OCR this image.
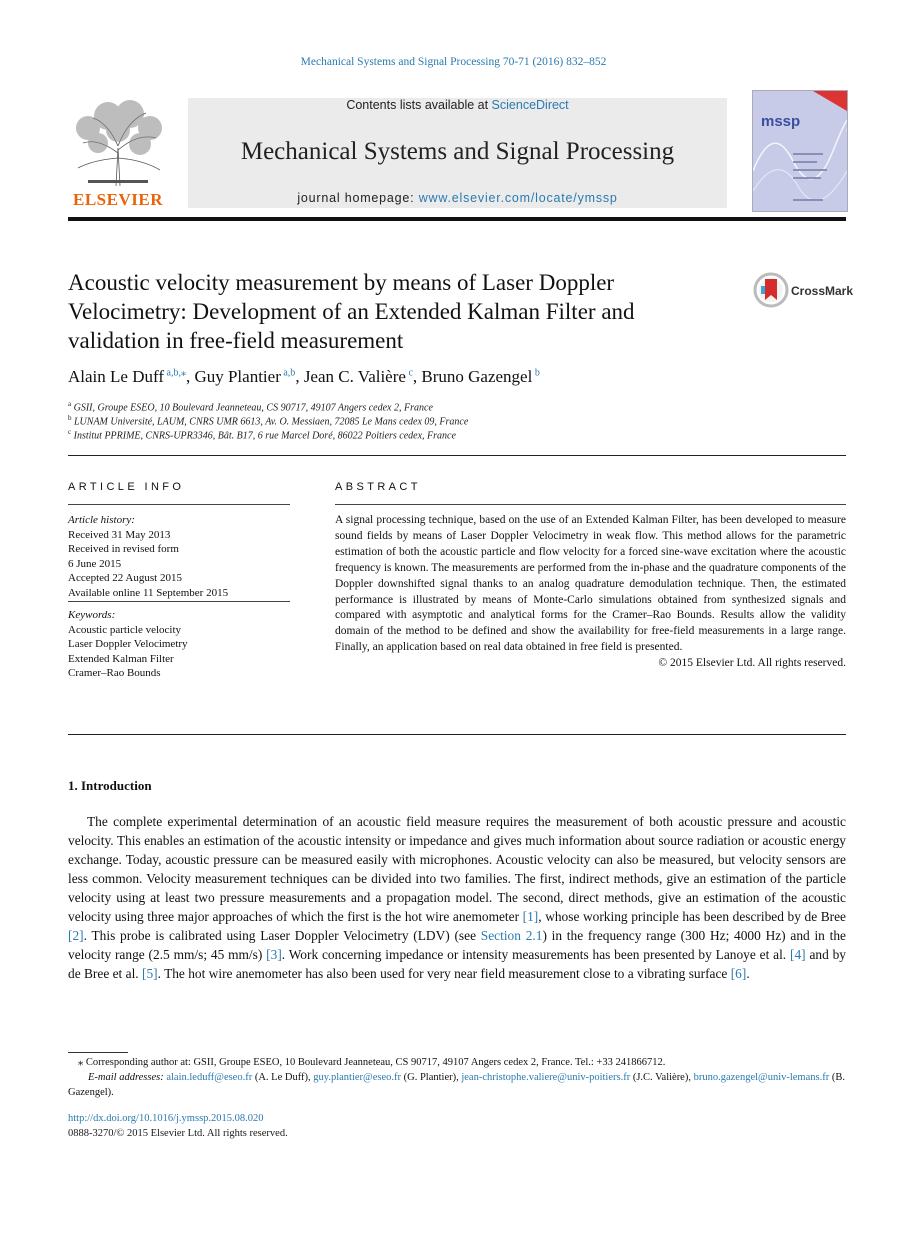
Mechanical Systems and Signal Processing 70-71 (2016) 832–852
ELSEVIER
Contents lists available at ScienceDirect
Mechanical Systems and Signal Processing
journal homepage: www.elsevier.com/locate/ymssp
mssp
Acoustic velocity measurement by means of Laser Doppler Velocimetry: Development of an Extended Kalman Filter and validation in free-field measurement
CrossMark
Alain Le Duff $^{a,b,⁎}$, Guy Plantier $^{a,b}$, Jean C. Valière $^c$, Bruno Gazengel $^b$
$^a$ GSII, Groupe ESEO, 10 Boulevard Jeanneteau, CS 90717, 49107 Angers cedex 2, France
$^b$ LUNAM Université, LAUM, CNRS UMR 6613, Av. O. Messiaen, 72085 Le Mans cedex 09, France
$^c$ Institut PPRIME, CNRS-UPR3346, Bât. B17, 6 rue Marcel Doré, 86022 Poitiers cedex, France
ARTICLE INFO
Article history:
Received 31 May 2013
Received in revised form
6 June 2015
Accepted 22 August 2015
Available online 11 September 2015
Keywords:
Acoustic particle velocity
Laser Doppler Velocimetry
Extended Kalman Filter
Cramer–Rao Bounds
ABSTRACT
A signal processing technique, based on the use of an Extended Kalman Filter, has been developed to measure sound fields by means of Laser Doppler Velocimetry in weak flow. This method allows for the parametric estimation of both the acoustic particle and flow velocity for a forced sine-wave excitation where the acoustic frequency is known. The measurements are performed from the in-phase and the quadrature components of the Doppler downshifted signal thanks to an analog quadrature demodulation technique. Then, the estimated performance is illustrated by means of Monte-Carlo simulations obtained from synthesized signals and compared with asymptotic and analytical forms for the Cramer–Rao Bounds. Results allow the validity domain of the method to be defined and show the availability for free-field measurements in a large range. Finally, an application based on real data obtained in free field is presented.
© 2015 Elsevier Ltd. All rights reserved.
1. Introduction
The complete experimental determination of an acoustic field measure requires the measurement of both acoustic pressure and acoustic velocity. This enables an estimation of the acoustic intensity or impedance and gives much information about source radiation or acoustic energy exchange. Today, acoustic pressure can be measured easily with microphones. Acoustic velocity can also be measured, but velocity sensors are less common. Velocity measurement techniques can be divided into two families. The first, indirect methods, give an estimation of the particle velocity using at least two pressure measurements and a propagation model. The second, direct methods, give an estimation of the acoustic velocity using three major approaches of which the first is the hot wire anemometer [1], whose working principle has been described by de Bree [2]. This probe is calibrated using Laser Doppler Velocimetry (LDV) (see Section 2.1) in the frequency range (300 Hz; 4000 Hz) and in the velocity range (2.5 mm/s; 45 mm/s) [3]. Work concerning impedance or intensity measurements has been presented by Lanoye et al. [4] and by de Bree et al. [5]. The hot wire anemometer has also been used for very near field measurement close to a vibrating surface [6].
⁎ Corresponding author at: GSII, Groupe ESEO, 10 Boulevard Jeanneteau, CS 90717, 49107 Angers cedex 2, France. Tel.: +33 241866712.
E-mail addresses: alain.leduff@eseo.fr (A. Le Duff), guy.plantier@eseo.fr (G. Plantier), jean-christophe.valiere@univ-poitiers.fr (J.C. Valière), bruno.gazengel@univ-lemans.fr (B. Gazengel).
http://dx.doi.org/10.1016/j.ymssp.2015.08.020
0888-3270/© 2015 Elsevier Ltd. All rights reserved.
